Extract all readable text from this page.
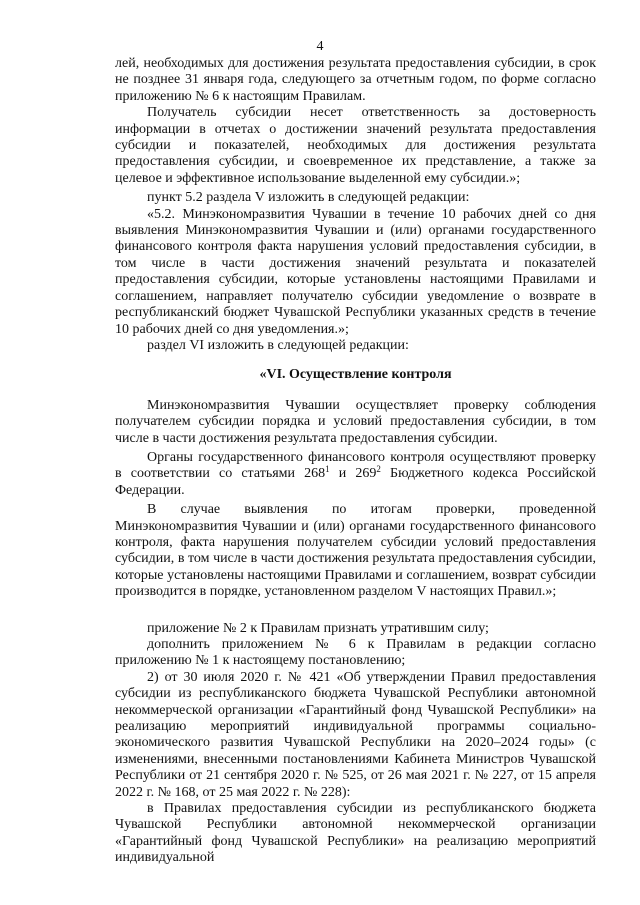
4

лей, необходимых для достижения результата предоставления субсидии, в срок не позднее 31 января года, следующего за отчетным годом, по форме согласно приложению № 6 к настоящим Правилам.

Получатель субсидии несет ответственность за достоверность информации в отчетах о достижении значений результата предоставления субсидии и показателей, необходимых для достижения результата предоставления субсидии, и своевременное их представление, а также за целевое и эффективное использование выделенной ему субсидии.»;

пункт 5.2 раздела V изложить в следующей редакции:

«5.2. Минэкономразвития Чувашии в течение 10 рабочих дней со дня выявления Минэкономразвития Чувашии и (или) органами государственного финансового контроля факта нарушения условий предоставления субсидии, в том числе в части достижения значений результата и показателей предоставления субсидии, которые установлены настоящими Правилами и соглашением, направляет получателю субсидии уведомление о возврате в республиканский бюджет Чувашской Республики указанных средств в течение 10 рабочих дней со дня уведомления.»;

раздел VI изложить в следующей редакции:

«VI. Осуществление контроля

Минэкономразвития Чувашии осуществляет проверку соблюдения получателем субсидии порядка и условий предоставления субсидии, в том числе в части достижения результата предоставления субсидии.

Органы государственного финансового контроля осуществляют проверку в соответствии со статьями $268^1$ и $269^2$ Бюджетного кодекса Российской Федерации.

В случае выявления по итогам проверки, проведенной Минэкономразвития Чувашии и (или) органами государственного финансового контроля, факта нарушения получателем субсидии условий предоставления субсидии, в том числе в части достижения результата предоставления субсидии, которые установлены настоящими Правилами и соглашением, возврат субсидии производится в порядке, установленном разделом V настоящих Правил.»;

приложение № 2 к Правилам признать утратившим силу;

дополнить приложением № 6 к Правилам в редакции согласно приложению № 1 к настоящему постановлению;

2) от 30 июля 2020 г. № 421 «Об утверждении Правил предоставления субсидии из республиканского бюджета Чувашской Республики автономной некоммерческой организации «Гарантийный фонд Чувашской Республики» на реализацию мероприятий индивидуальной программы социально-экономического развития Чувашской Республики на 2020–2024 годы» (с изменениями, внесенными постановлениями Кабинета Министров Чувашской Республики от 21 сентября 2020 г. № 525, от 26 мая 2021 г. № 227, от 15 апреля 2022 г. № 168, от 25 мая 2022 г. № 228):

в Правилах предоставления субсидии из республиканского бюджета Чувашской Республики автономной некоммерческой организации «Гарантийный фонд Чувашской Республики» на реализацию мероприятий индивидуальной
